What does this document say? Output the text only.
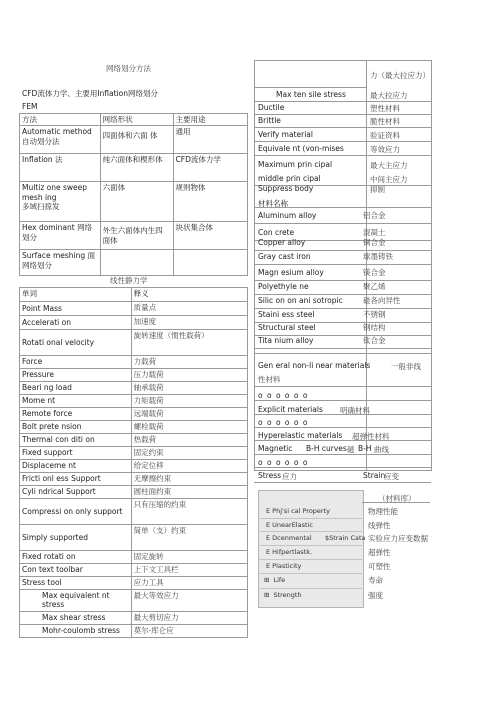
网络划分方法
CFD流体力学、主要用Inflation网络划分
FEM
方法	网络形状	主要用途

Automatic method
自动划分法	四面体和六面 体	通用

Inflation 法	纯六面体和楔形体	CFD流体力学

Multiz one sweep
mesh ing
多域扫掠发	六面体	规则物体

Hex dominant 网络
划分	外生六面体内生四面体	块状集合体

Surface meshing 面
网络划分		

线性静力学
单词	释义
Point Mass	质量点
Accelerati on	加速度
Rotati onal velocity	旋转速度（惯性载荷）
Force	力载荷
Pressure	压力载荷
Beari ng load	轴承载荷
Mome nt	力矩载荷
Remote force	远端载荷
Bolt prete nsion	螺栓载荷
Thermal con diti on	热载荷
Fixed support	固定约束
Displaceme nt	给定位移
Fricti onl ess Support	无摩擦约束
Cyli ndrical Support	圆柱面约束
Compressi on only support	只有压缩的约束
Simply supported	简单（支）约束
Fixed rotati on	固定旋转
Con text toolbar	上下文工具栏
Stress tool	应力工具
Max equivalent nt stress	最大等效应力
Max shear stress	最大剪切应力
Mohr-coulomb stress	莫尔-库仑应
力（最大拉应力）
Max ten sile stress	最大拉应力
Ductile	塑性材料
Brittle	脆性材料
Verify material	验证资料
Equivale nt (von-mises	等效应力
Maximum prin cipal	最大主应力
middle prin cipal	中间主应力
Suppress body	抑制
材料名称
Aluminum alloy	铝合金
Con crete	混凝土
Copper alloy	铜合金
Gray cast iron	球墨铸铁
Magn esium alloy	镁合金
Polyethyle ne	聚乙烯
Silic on on ani sotropic	硅各向异性
Staini ess steel	不锈钢
Structural steel	钢结构
Tita nium alloy	钛合金
Gen eral non-li near materials	一般非线
性材料
o o o o o o
Explicit materials 明确材料
o o o o o o
Hyperelastic materials 超弹性材料
Magnetic B-H curves 磁 B-H 曲线
o o o o o o
Stress 应力	Strain
应变
（材料库）
E Phj'si cal Property	物理性能
E UnearElastic	线弹性
E Dcenmental $Strain Cata 实验应力应变数据
E Hifpertlastk.	超弹性
E Plasticity	可塑性
⊞ Life	寿命
⊞ Strength	强度
